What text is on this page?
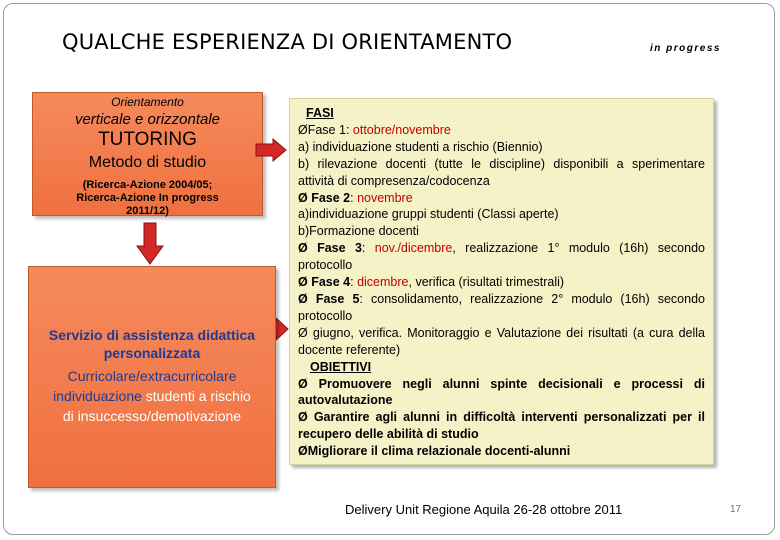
QUALCHE ESPERIENZA DI ORIENTAMENTO	in progress
Orientamento
verticale e orizzontale
TUTORING
Metodo di studio
(Ricerca-Azione 2004/05;
Ricerca-Azione In progress
2011/12)
Servizio di assistenza didattica
personalizzata
Curricolare/extracurricolare
individuazione studenti a rischio
di insuccesso/demotivazione

FASI

ØFase 1: ottobre/novembre

a) individuazione studenti a rischio (Biennio)

b) rilevazione docenti (tutte le discipline) disponibili a sperimentare attività di compresenza/codocenza

Ø Fase 2: novembre

a)individuazione gruppi studenti (Classi aperte)

b)Formazione docenti

Ø Fase 3: nov./dicembre, realizzazione 1° modulo (16h) secondo protocollo

Ø Fase 4: dicembre, verifica (risultati trimestrali)

Ø Fase 5: consolidamento, realizzazione 2° modulo (16h) secondo protocollo

Ø giugno, verifica. Monitoraggio e Valutazione dei risultati (a cura della docente referente)

OBIETTIVI

Ø Promuovere negli alunni spinte decisionali e processi di autovalutazione

Ø Garantire agli alunni in difficoltà interventi personalizzati per il recupero delle abilità di studio

ØMigliorare il clima relazionale docenti-alunni

Delivery Unit Regione Aquila 26-28 ottobre 2011	17
